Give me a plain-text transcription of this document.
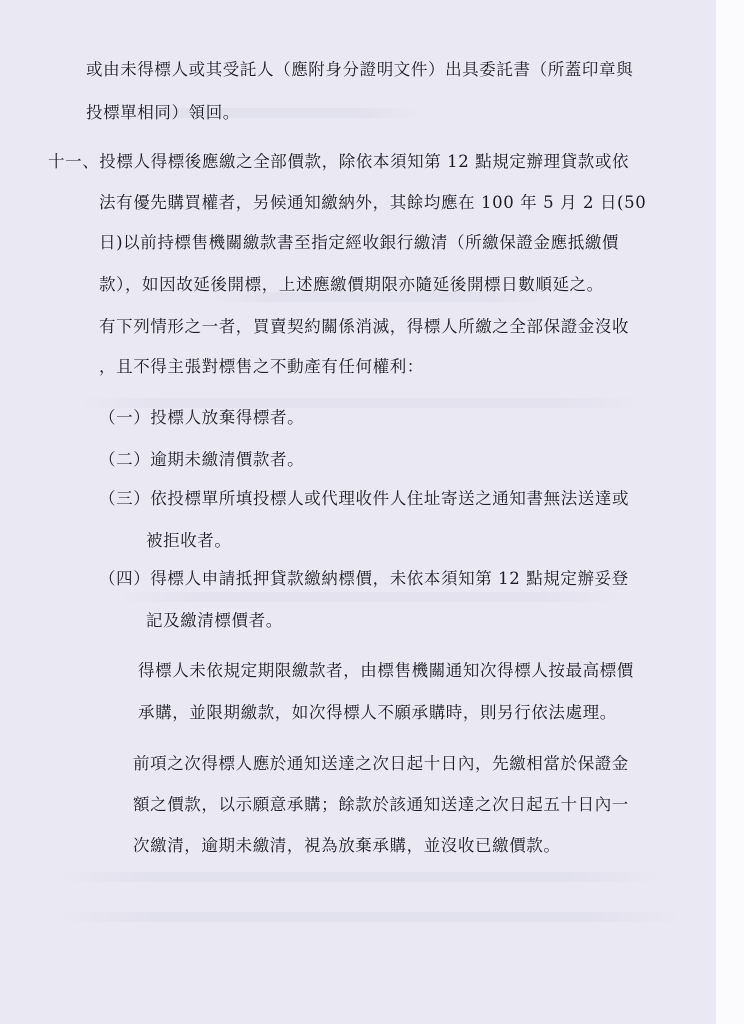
或由未得標人或其受託人（應附身分證明文件）出具委託書（所蓋印章與
投標單相同）領回。
十一、投標人得標後應繳之全部價款，除依本須知第 12 點規定辦理貸款或依
法有優先購買權者，另候通知繳納外，其餘均應在 100 年 5 月 2 日(50
日)以前持標售機關繳款書至指定經收銀行繳清（所繳保證金應抵繳價
款），如因故延後開標，上述應繳價期限亦隨延後開標日數順延之。
有下列情形之一者，買賣契約關係消滅，得標人所繳之全部保證金沒收
，且不得主張對標售之不動產有任何權利：
（一）投標人放棄得標者。
（二）逾期未繳清價款者。
（三）依投標單所填投標人或代理收件人住址寄送之通知書無法送達或
被拒收者。
（四）得標人申請抵押貸款繳納標價，未依本須知第 12 點規定辦妥登
記及繳清標價者。
得標人未依規定期限繳款者，由標售機關通知次得標人按最高標價
承購，並限期繳款，如次得標人不願承購時，則另行依法處理。
前項之次得標人應於通知送達之次日起十日內，先繳相當於保證金
額之價款，以示願意承購；餘款於該通知送達之次日起五十日內一
次繳清，逾期未繳清，視為放棄承購，並沒收已繳價款。
